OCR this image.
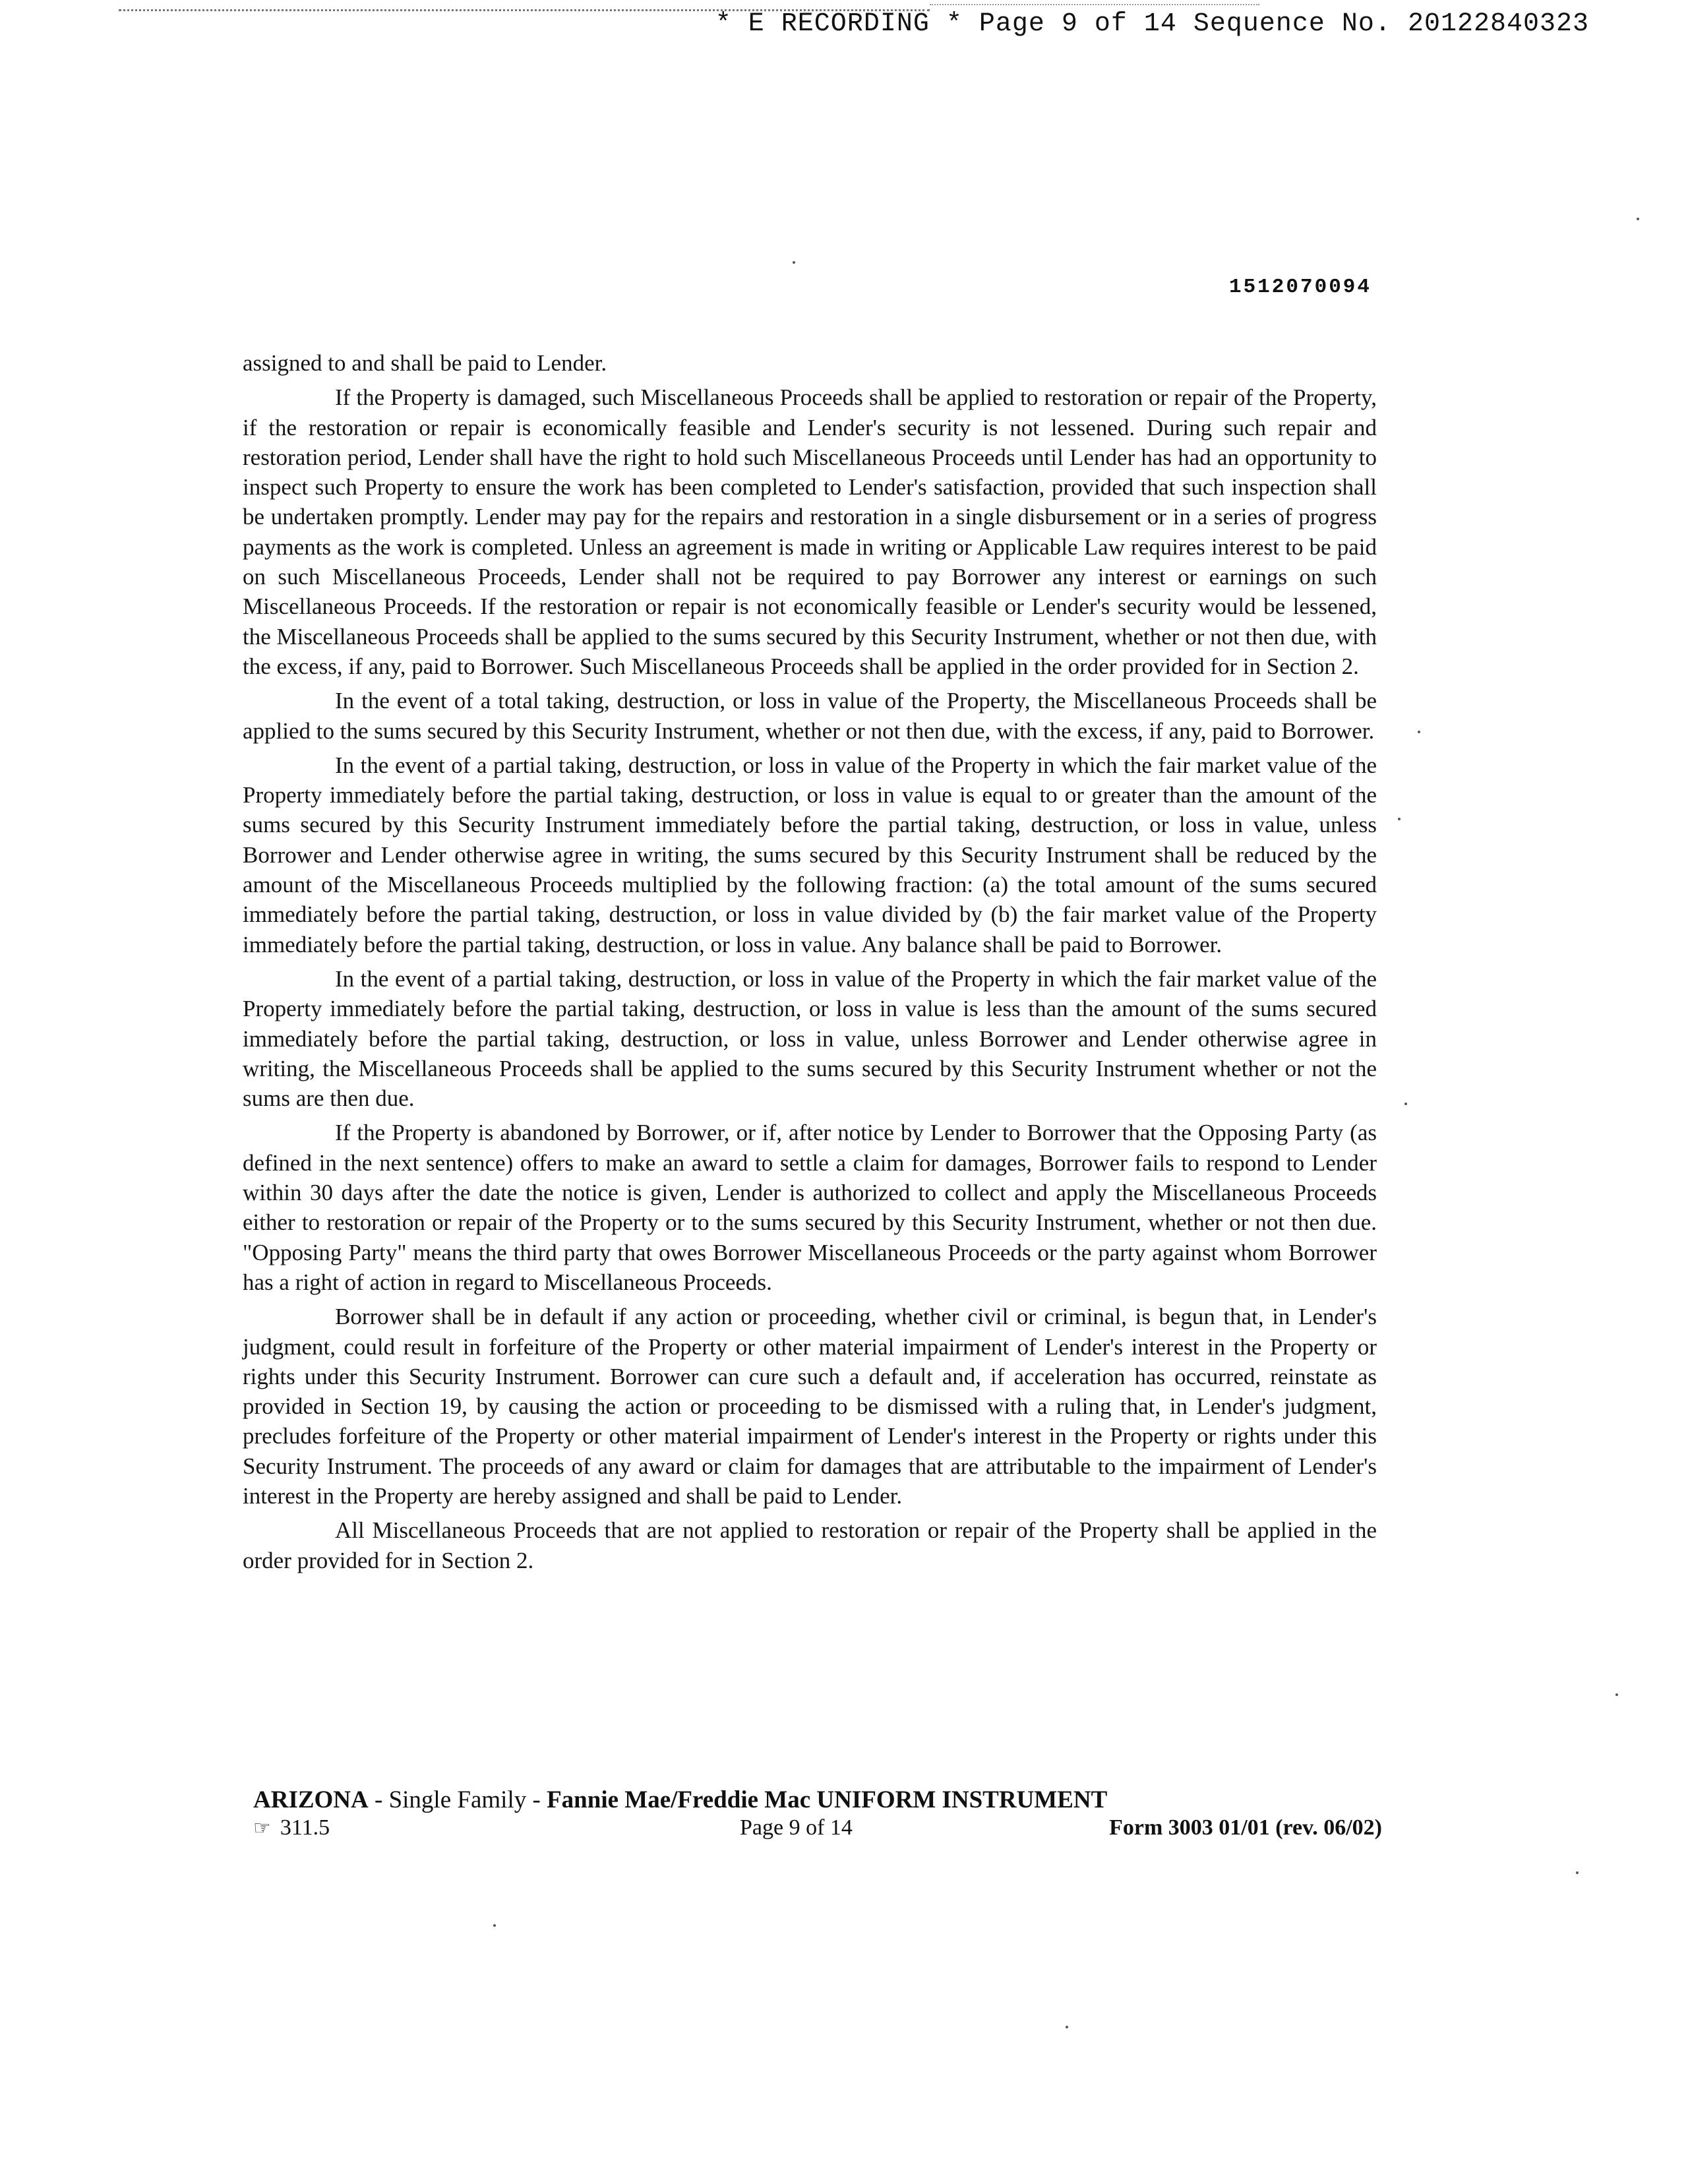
* E RECORDING * Page 9 of 14 Sequence No. 20122840323
1512070094

assigned to and shall be paid to Lender.

If the Property is damaged, such Miscellaneous Proceeds shall be applied to restoration or repair of the Property, if the restoration or repair is economically feasible and Lender's security is not lessened. During such repair and restoration period, Lender shall have the right to hold such Miscellaneous Proceeds until Lender has had an opportunity to inspect such Property to ensure the work has been completed to Lender's satisfaction, provided that such inspection shall be undertaken promptly. Lender may pay for the repairs and restoration in a single disbursement or in a series of progress payments as the work is completed. Unless an agreement is made in writing or Applicable Law requires interest to be paid on such Miscellaneous Proceeds, Lender shall not be required to pay Borrower any interest or earnings on such Miscellaneous Proceeds. If the restoration or repair is not economically feasible or Lender's security would be lessened, the Miscellaneous Proceeds shall be applied to the sums secured by this Security Instrument, whether or not then due, with the excess, if any, paid to Borrower. Such Miscellaneous Proceeds shall be applied in the order provided for in Section 2.

In the event of a total taking, destruction, or loss in value of the Property, the Miscellaneous Proceeds shall be applied to the sums secured by this Security Instrument, whether or not then due, with the excess, if any, paid to Borrower.

In the event of a partial taking, destruction, or loss in value of the Property in which the fair market value of the Property immediately before the partial taking, destruction, or loss in value is equal to or greater than the amount of the sums secured by this Security Instrument immediately before the partial taking, destruction, or loss in value, unless Borrower and Lender otherwise agree in writing, the sums secured by this Security Instrument shall be reduced by the amount of the Miscellaneous Proceeds multiplied by the following fraction: (a) the total amount of the sums secured immediately before the partial taking, destruction, or loss in value divided by (b) the fair market value of the Property immediately before the partial taking, destruction, or loss in value. Any balance shall be paid to Borrower.

In the event of a partial taking, destruction, or loss in value of the Property in which the fair market value of the Property immediately before the partial taking, destruction, or loss in value is less than the amount of the sums secured immediately before the partial taking, destruction, or loss in value, unless Borrower and Lender otherwise agree in writing, the Miscellaneous Proceeds shall be applied to the sums secured by this Security Instrument whether or not the sums are then due.

If the Property is abandoned by Borrower, or if, after notice by Lender to Borrower that the Opposing Party (as defined in the next sentence) offers to make an award to settle a claim for damages, Borrower fails to respond to Lender within 30 days after the date the notice is given, Lender is authorized to collect and apply the Miscellaneous Proceeds either to restoration or repair of the Property or to the sums secured by this Security Instrument, whether or not then due. "Opposing Party" means the third party that owes Borrower Miscellaneous Proceeds or the party against whom Borrower has a right of action in regard to Miscellaneous Proceeds.

Borrower shall be in default if any action or proceeding, whether civil or criminal, is begun that, in Lender's judgment, could result in forfeiture of the Property or other material impairment of Lender's interest in the Property or rights under this Security Instrument. Borrower can cure such a default and, if acceleration has occurred, reinstate as provided in Section 19, by causing the action or proceeding to be dismissed with a ruling that, in Lender's judgment, precludes forfeiture of the Property or other material impairment of Lender's interest in the Property or rights under this Security Instrument. The proceeds of any award or claim for damages that are attributable to the impairment of Lender's interest in the Property are hereby assigned and shall be paid to Lender.

All Miscellaneous Proceeds that are not applied to restoration or repair of the Property shall be applied in the order provided for in Section 2.

ARIZONA - Single Family - Fannie Mae/Freddie Mac UNIFORM INSTRUMENT
☜ 311.5	Page 9 of 14	Form 3003 01/01 (rev. 06/02)
